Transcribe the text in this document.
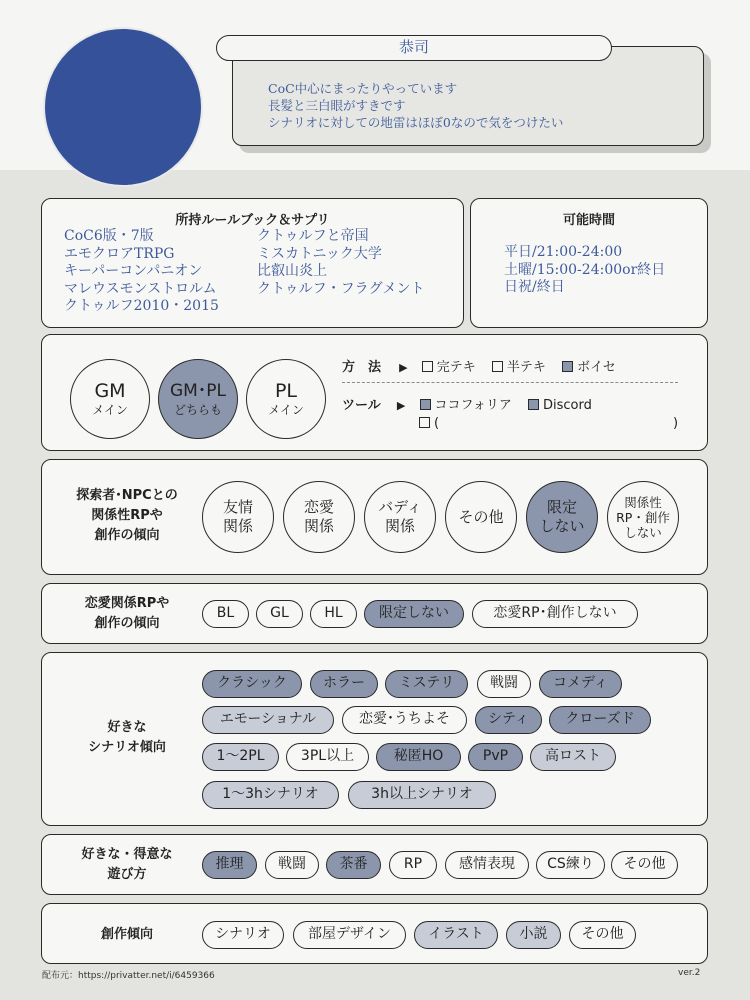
恭司
CoC中心にまったりやっています
長髪と三白眼がすきです
シナリオに対しての地雷はほぼ0なので気をつけたい
所持ルールブック＆サプリ
CoC6版・7版
エモクロアTRPG
キーパーコンパニオン
マレウスモンストロルム
クトゥルフ2010・2015
クトゥルフと帝国
ミスカトニック大学
比叡山炎上
クトゥルフ・フラグメント
可能時間
平日/21:00-24:00
土曜/15:00-24:00or終日
日祝/終日
GM
メイン
GM･PL
どちらも
PL
メイン
方　法 ▶ 完テキ 半テキ ボイセ
ツール ▶ ココフォリア Discord
(	)
探索者･NPCとの
関係性RPや
創作の傾向
友情
関係
恋愛
関係
バディ
関係
その他
限定
しない
関係性
RP・創作
しない
恋愛関係RPや
創作の傾向
BL	GL	HL	限定しない	恋愛RP･創作しない
好きな
シナリオ傾向
クラシック	ホラー	ミステリ	戦闘	コメディ
エモーショナル	恋愛･うちよそ	シティ	クローズド
1〜2PL	3PL以上	秘匿HO	PvP	高ロスト
1〜3hシナリオ	3h以上シナリオ
好きな・得意な
遊び方
推理	戦闘	茶番	RP	感情表現	CS練り	その他
創作傾向	シナリオ	部屋デザイン	イラスト	小説	その他
配布元：https://privatter.net/i/6459366	ver.2
